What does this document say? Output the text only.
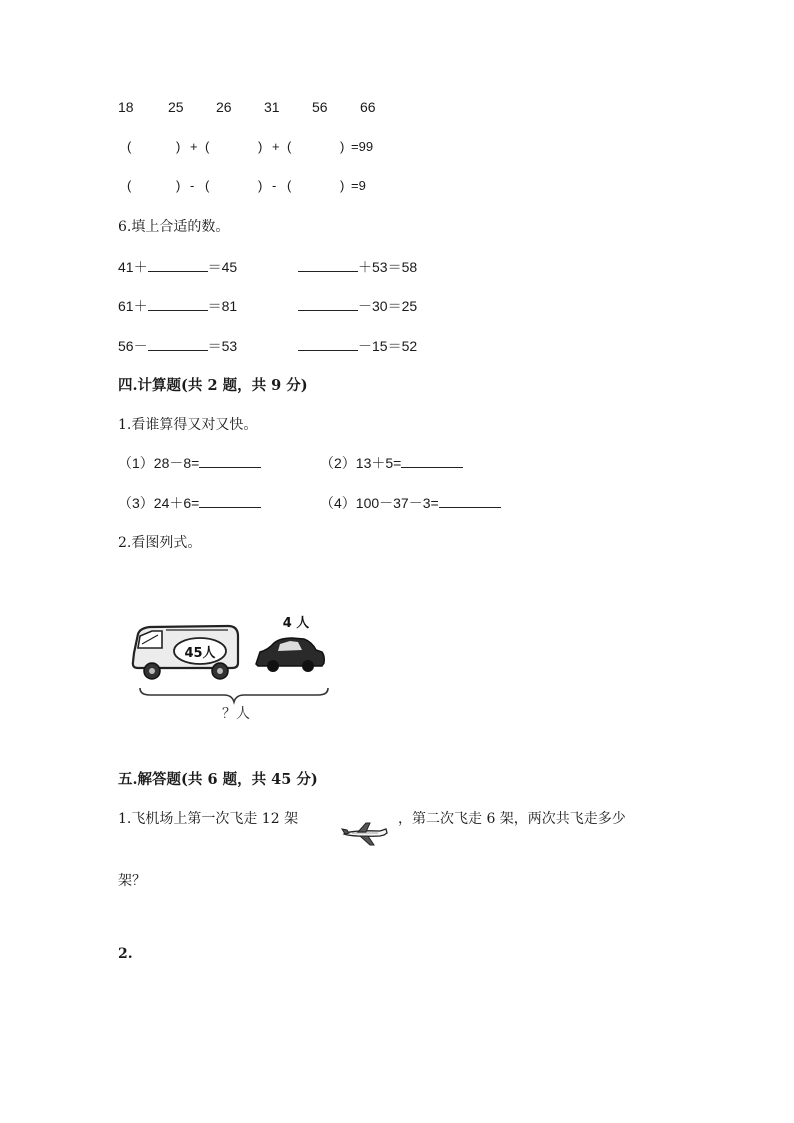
18 25 26 31 56 66
(	) + (	) + (	) =99
(	) - (	) - (	) =9
6.填上合适的数。
41＋	＝45	＋53＝58
61＋	＝81	－30＝25
56－	＝53	－15＝52
四.计算题(共 2 题，共 9 分)
1.看谁算得又对又快。
（1）28－8=	（2）13＋5=
（3）24＋6=	（4）100－37－3=
2.看图列式。
45人
4 人
？人
五.解答题(共 6 题，共 45 分)
1.飞机场上第一次飞走 12 架	，第二次飞走 6 架，两次共飞走多少
架？
2.
